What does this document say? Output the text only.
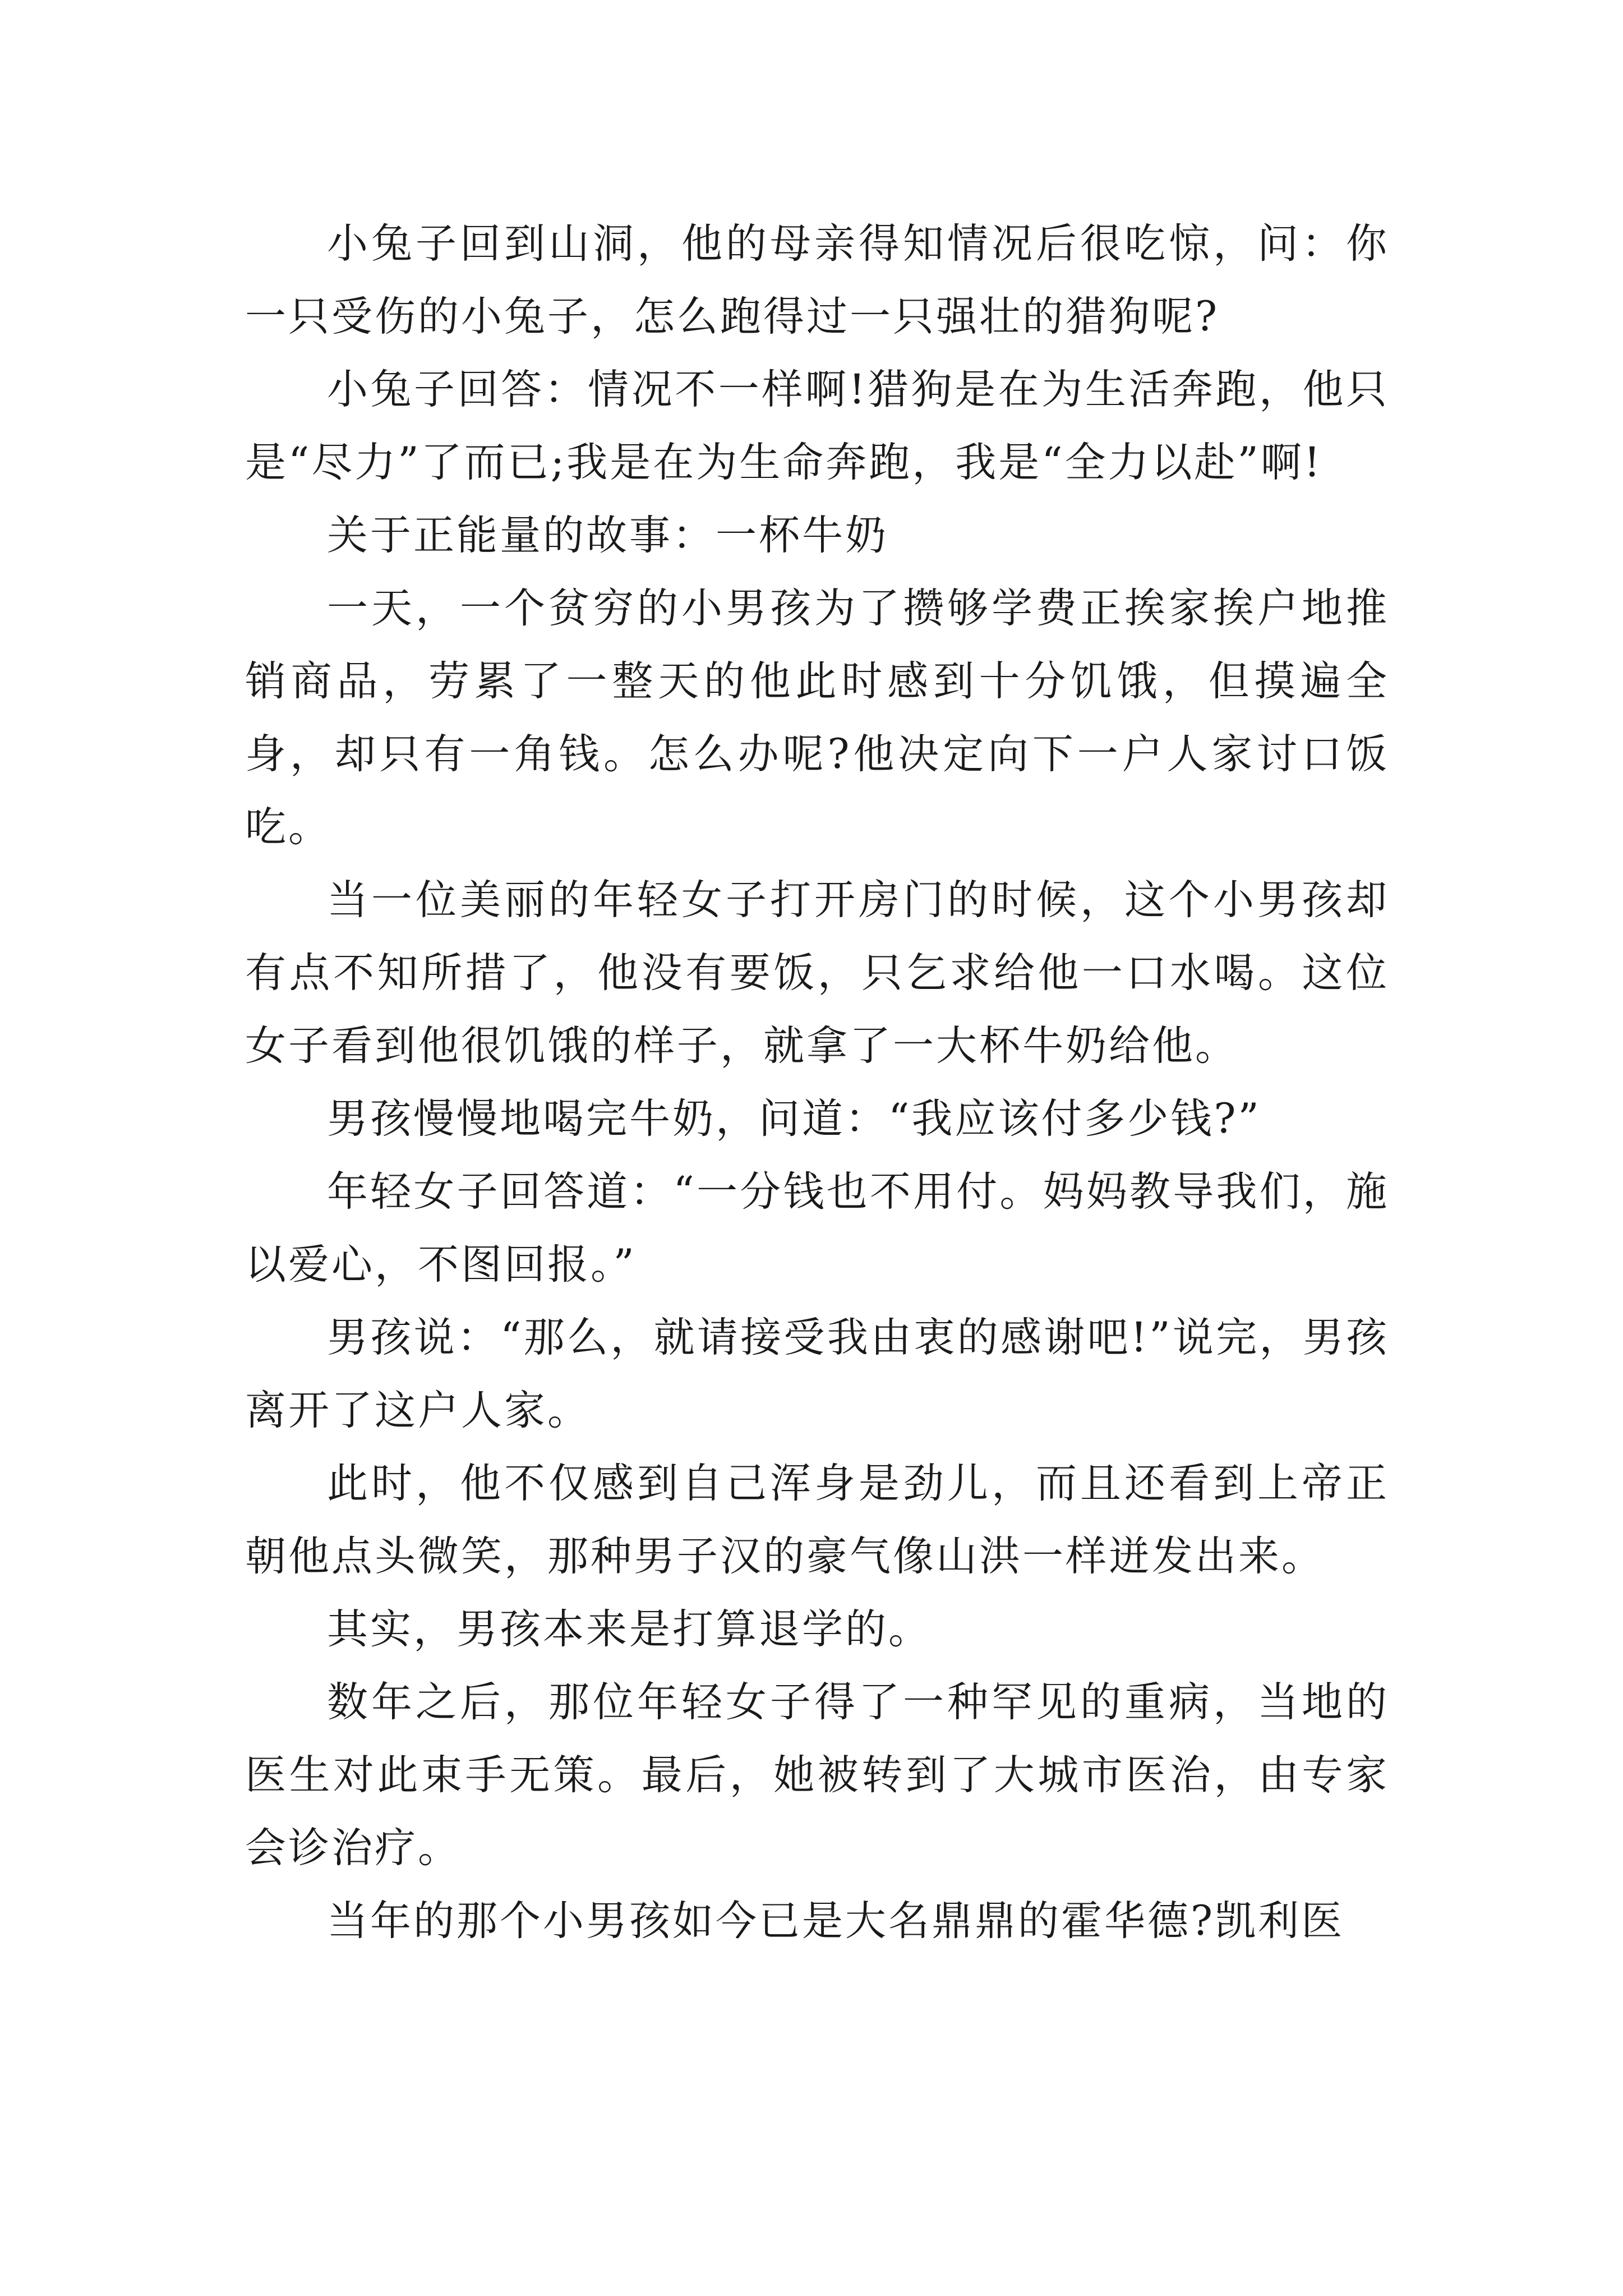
小兔子回到山洞，他的母亲得知情况后很吃惊，问：你一只受伤的小兔子，怎么跑得过一只强壮的猎狗呢?

小兔子回答：情况不一样啊!猎狗是在为生活奔跑，他只是“尽力”了而已;我是在为生命奔跑，我是“全力以赴”啊!

关于正能量的故事：一杯牛奶

一天，一个贫穷的小男孩为了攒够学费正挨家挨户地推销商品，劳累了一整天的他此时感到十分饥饿，但摸遍全身，却只有一角钱。怎么办呢?他决定向下一户人家讨口饭吃。

当一位美丽的年轻女子打开房门的时候，这个小男孩却有点不知所措了，他没有要饭，只乞求给他一口水喝。这位女子看到他很饥饿的样子，就拿了一大杯牛奶给他。

男孩慢慢地喝完牛奶，问道：“我应该付多少钱?”

年轻女子回答道：“一分钱也不用付。妈妈教导我们，施以爱心，不图回报。”

男孩说：“那么，就请接受我由衷的感谢吧!”说完，男孩离开了这户人家。

此时，他不仅感到自己浑身是劲儿，而且还看到上帝正朝他点头微笑，那种男子汉的豪气像山洪一样迸发出来。

其实，男孩本来是打算退学的。

数年之后，那位年轻女子得了一种罕见的重病，当地的医生对此束手无策。最后，她被转到了大城市医治，由专家会诊治疗。

当年的那个小男孩如今已是大名鼎鼎的霍华德?凯利医
